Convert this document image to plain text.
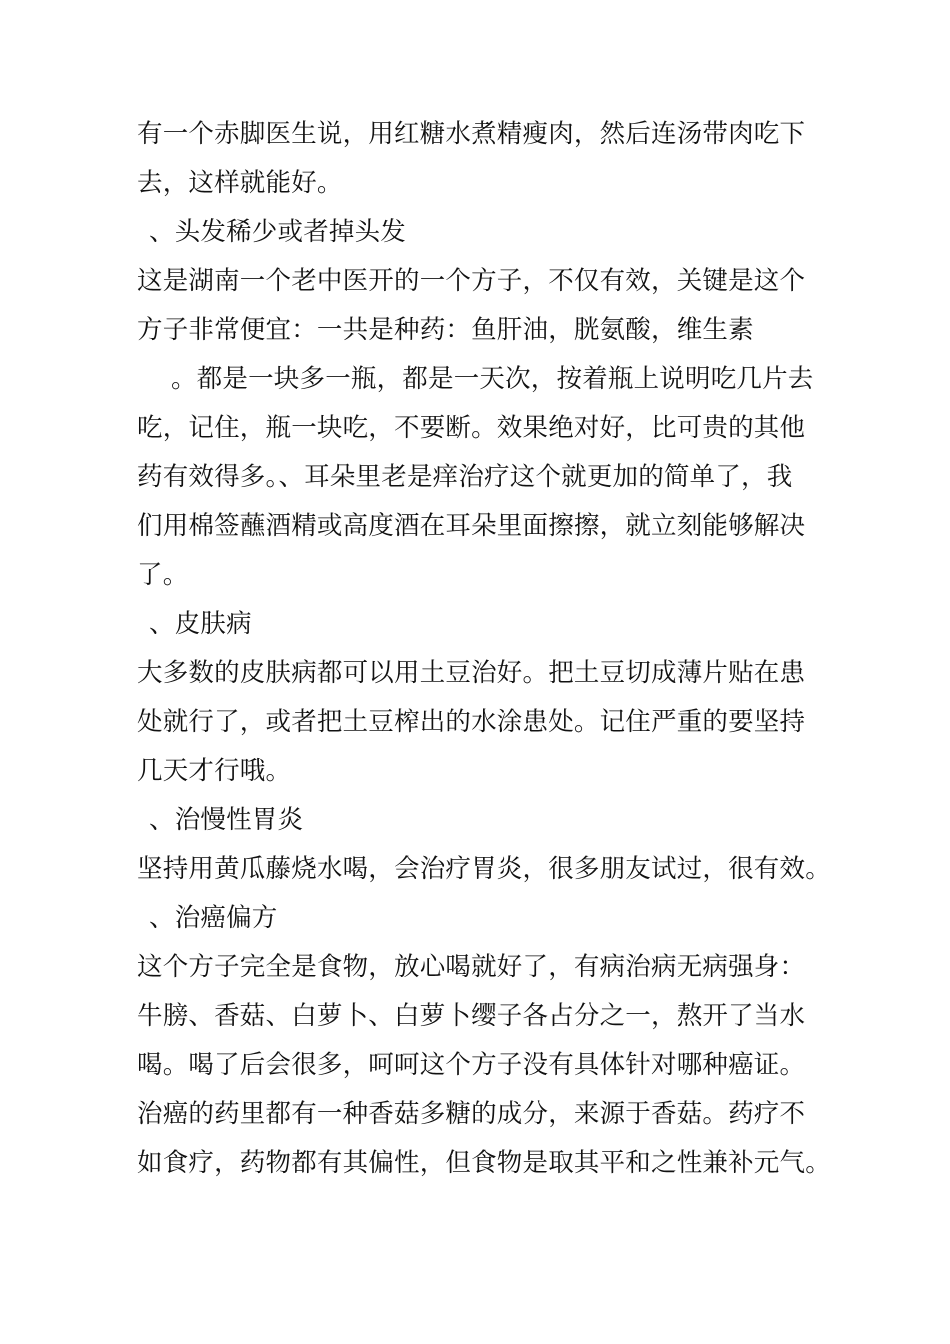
有一个赤脚医生说，用红糖水煮精瘦肉，然后连汤带肉吃下
去，这样就能好。
、头发稀少或者掉头发
这是湖南一个老中医开的一个方子，不仅有效，关键是这个
方子非常便宜：一共是种药：鱼肝油，胱氨酸，维生素
。都是一块多一瓶，都是一天次，按着瓶上说明吃几片去
吃，记住，瓶一块吃，不要断。效果绝对好，比可贵的其他
药有效得多。、耳朵里老是痒治疗这个就更加的简单了，我
们用棉签蘸酒精或高度酒在耳朵里面擦擦，就立刻能够解决
了。
、皮肤病
大多数的皮肤病都可以用土豆治好。把土豆切成薄片贴在患
处就行了，或者把土豆榨出的水涂患处。记住严重的要坚持
几天才行哦。
、治慢性胃炎
坚持用黄瓜藤烧水喝，会治疗胃炎，很多朋友试过，很有效。
、治癌偏方
这个方子完全是食物，放心喝就好了，有病治病无病强身：
牛膀、香菇、白萝卜、白萝卜缨子各占分之一，熬开了当水
喝。喝了后会很多，呵呵这个方子没有具体针对哪种癌证。
治癌的药里都有一种香菇多糖的成分，来源于香菇。药疗不
如食疗，药物都有其偏性，但食物是取其平和之性兼补元气。
